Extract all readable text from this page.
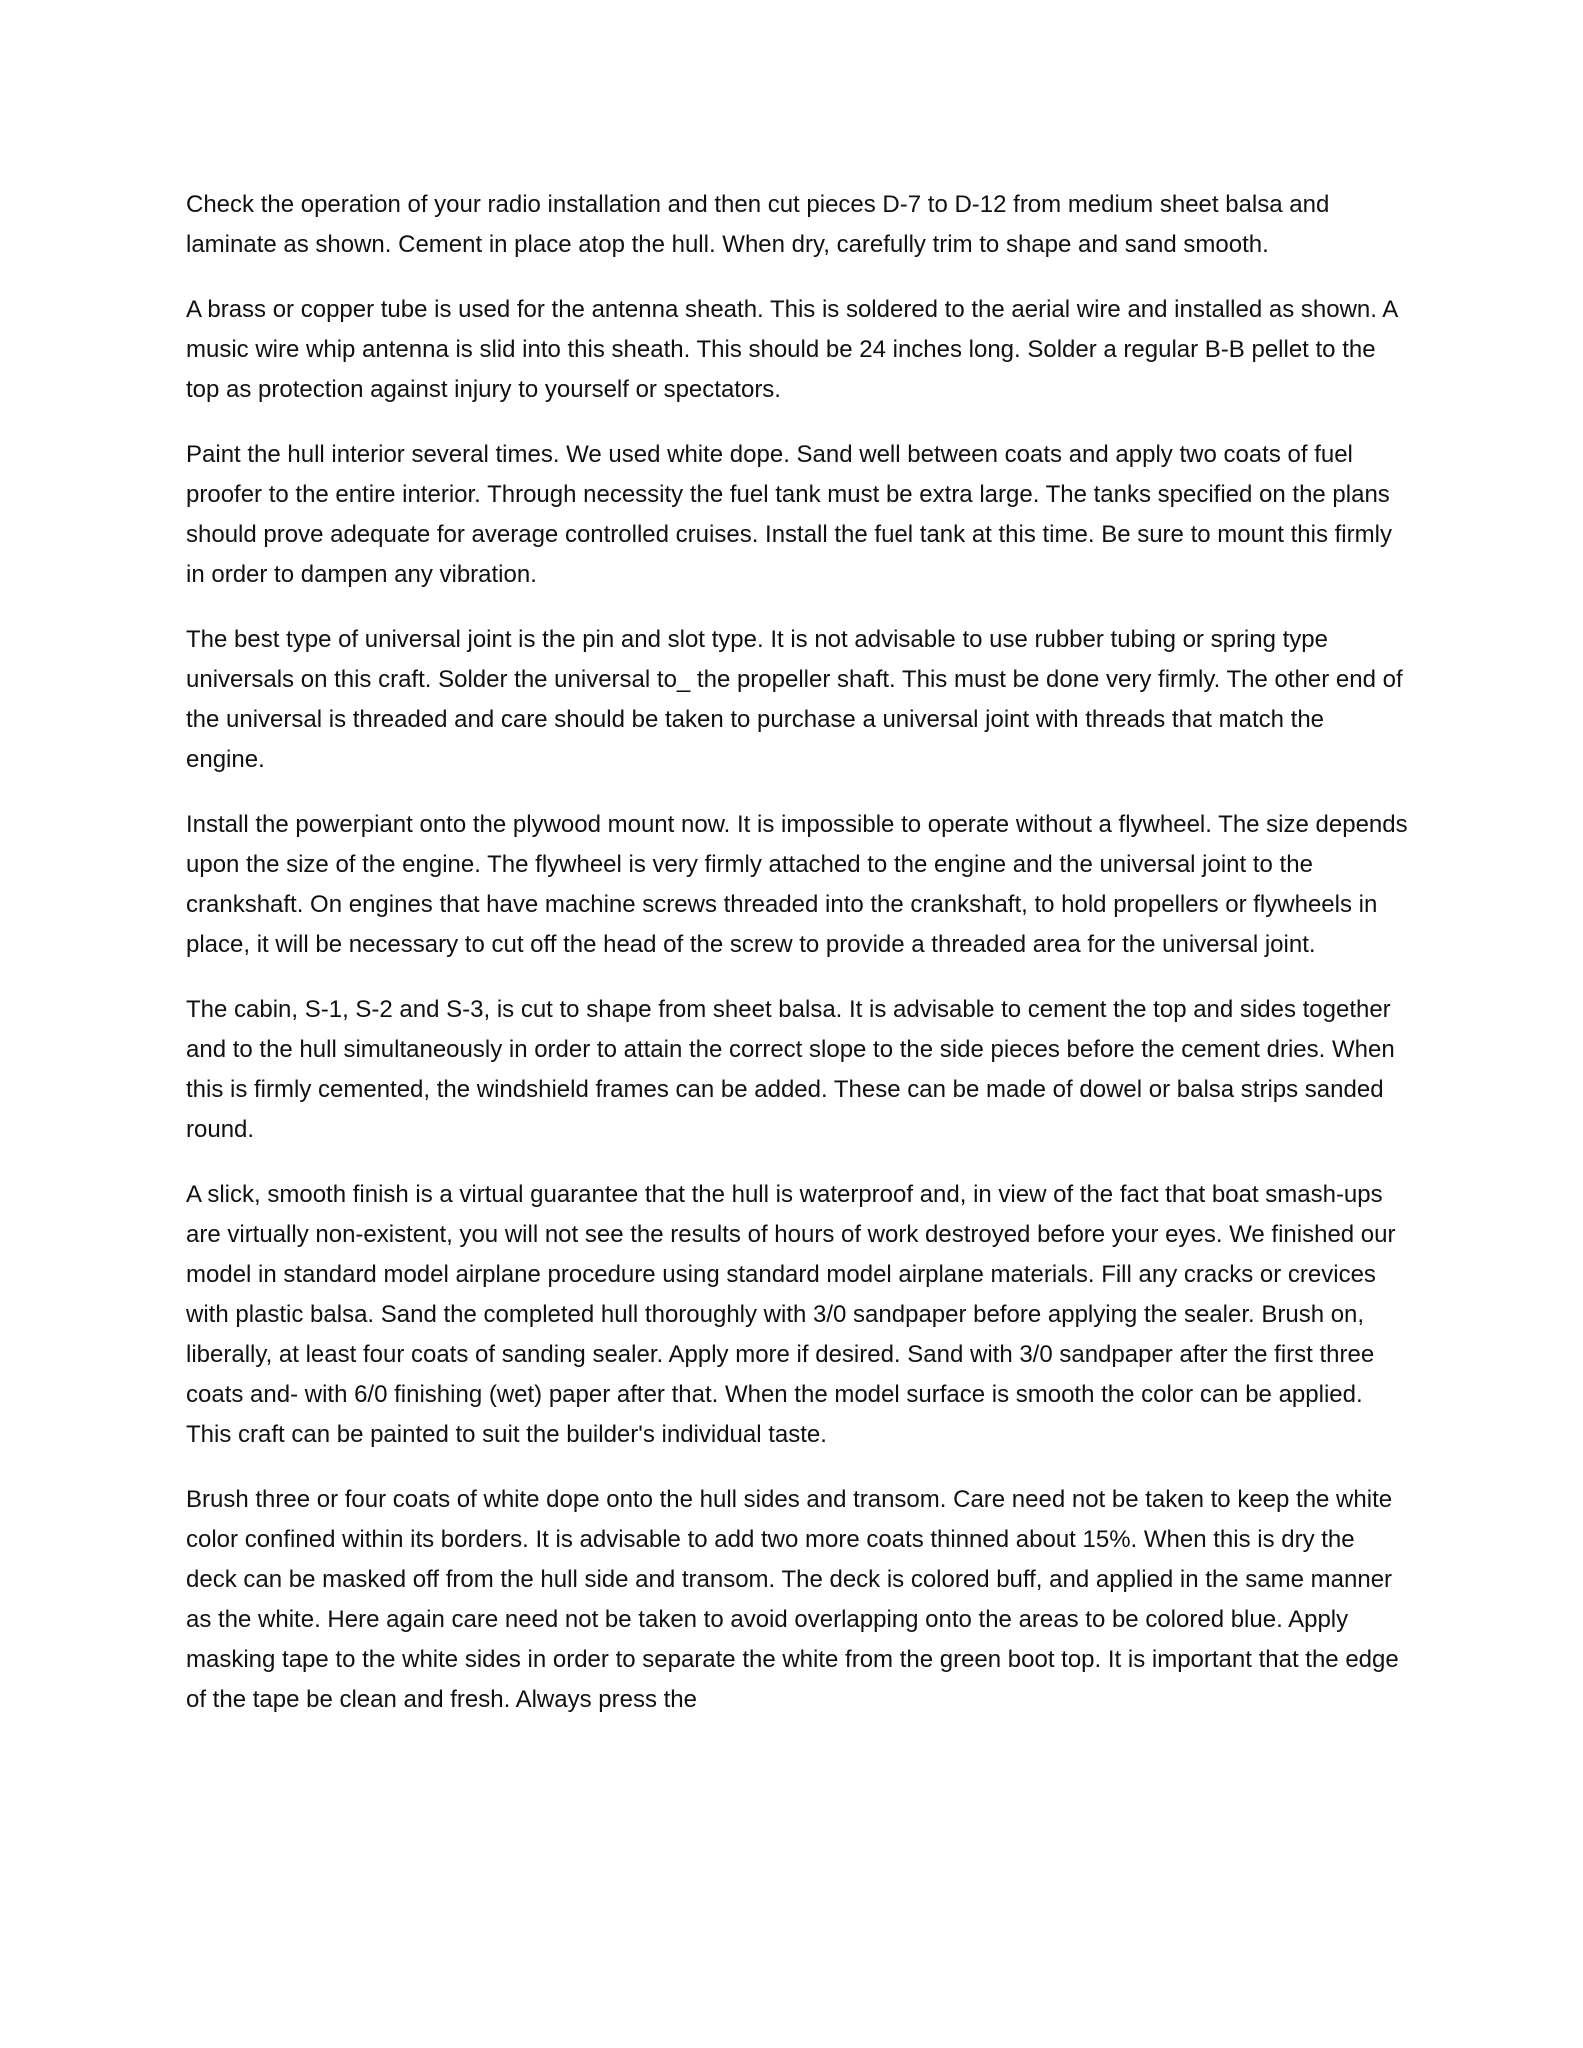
Check the operation of your radio installation and then cut pieces D-7 to D-12 from medium sheet balsa and laminate as shown. Cement in place atop the hull. When dry, carefully trim to shape and sand smooth.

A brass or copper tube is used for the antenna sheath. This is soldered to the aerial wire and installed as shown. A music wire whip antenna is slid into this sheath. This should be 24 inches long. Solder a regular B-B pellet to the top as protection against injury to yourself or spectators.

Paint the hull interior several times. We used white dope. Sand well between coats and apply two coats of fuel proofer to the entire interior. Through necessity the fuel tank must be extra large. The tanks specified on the plans should prove adequate for average controlled cruises. Install the fuel tank at this time. Be sure to mount this firmly in order to dampen any vibration.

The best type of universal joint is the pin and slot type. It is not advisable to use rubber tubing or spring type universals on this craft. Solder the universal to_ the propeller shaft. This must be done very firmly. The other end of the universal is threaded and care should be taken to purchase a universal joint with threads that match the engine.

Install the powerpiant onto the plywood mount now. It is impossible to operate without a flywheel. The size depends upon the size of the engine. The flywheel is very firmly attached to the engine and the universal joint to the crankshaft. On engines that have machine screws threaded into the crankshaft, to hold propellers or flywheels in place, it will be necessary to cut off the head of the screw to provide a threaded area for the universal joint.

The cabin, S-1, S-2 and S-3, is cut to shape from sheet balsa. It is advisable to cement the top and sides together and to the hull simultaneously in order to attain the correct slope to the side pieces before the cement dries. When this is firmly cemented, the windshield frames can be added. These can be made of dowel or balsa strips sanded round.

A slick, smooth finish is a virtual guarantee that the hull is waterproof and, in view of the fact that boat smash-ups are virtually non-existent, you will not see the results of hours of work destroyed before your eyes. We finished our model in standard model airplane procedure using standard model airplane materials. Fill any cracks or crevices with plastic balsa. Sand the completed hull thoroughly with 3/0 sandpaper before applying the sealer. Brush on, liberally, at least four coats of sanding sealer. Apply more if desired. Sand with 3/0 sandpaper after the first three coats and- with 6/0 finishing (wet) paper after that. When the model surface is smooth the color can be applied. This craft can be painted to suit the builder's individual taste.

Brush three or four coats of white dope onto the hull sides and transom. Care need not be taken to keep the white color confined within its borders. It is advisable to add two more coats thinned about 15%. When this is dry the deck can be masked off from the hull side and transom. The deck is colored buff, and applied in the same manner as the white. Here again care need not be taken to avoid overlapping onto the areas to be colored blue. Apply masking tape to the white sides in order to separate the white from the green boot top. It is important that the edge of the tape be clean and fresh. Always press the
